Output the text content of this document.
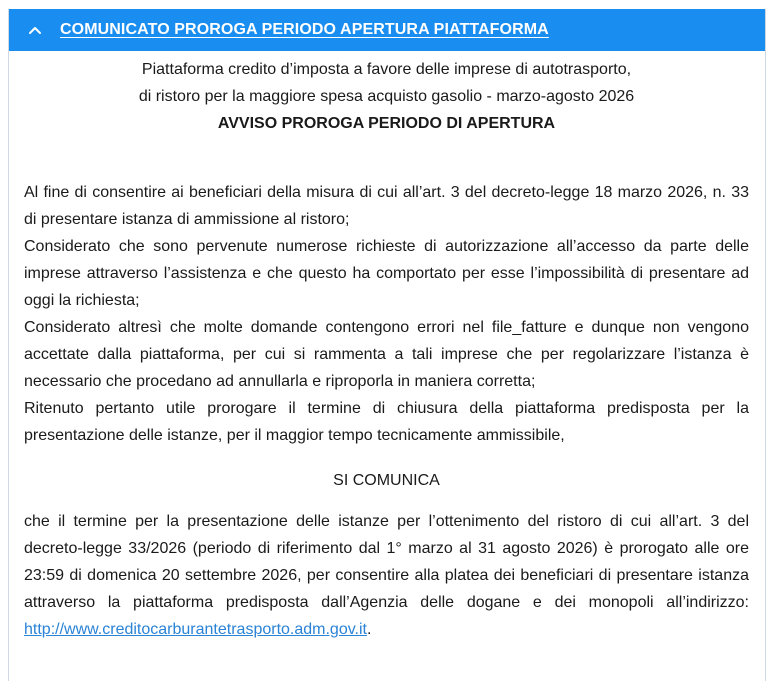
COMUNICATO PROROGA PERIODO APERTURA PIATTAFORMA
Piattaforma credito d’imposta a favore delle imprese di autotrasporto,
di ristoro per la maggiore spesa acquisto gasolio - marzo-agosto 2026
AVVISO PROROGA PERIODO DI APERTURA
Al fine di consentire ai beneficiari della misura di cui all’art. 3 del decreto-legge 18 marzo 2026, n. 33 di presentare istanza di ammissione al ristoro;
Considerato che sono pervenute numerose richieste di autorizzazione all’accesso da parte delle imprese attraverso l’assistenza e che questo ha comportato per esse l’impossibilità di presentare ad oggi la richiesta;
Considerato altresì che molte domande contengono errori nel file_fatture e dunque non vengono accettate dalla piattaforma, per cui si rammenta a tali imprese che per regolarizzare l’istanza è necessario che procedano ad annullarla e riproporla in maniera corretta;
Ritenuto pertanto utile prorogare il termine di chiusura della piattaforma predisposta per la presentazione delle istanze, per il maggior tempo tecnicamente ammissibile,
SI COMUNICA
che il termine per la presentazione delle istanze per l’ottenimento del ristoro di cui all’art. 3 del decreto-legge 33/2026 (periodo di riferimento dal 1° marzo al 31 agosto 2026) è prorogato alle ore 23:59 di domenica 20 settembre 2026, per consentire alla platea dei beneficiari di presentare istanza attraverso la piattaforma predisposta dall’Agenzia delle dogane e dei monopoli all’indirizzo: http://www.creditocarburantetrasporto.adm.gov.it.
